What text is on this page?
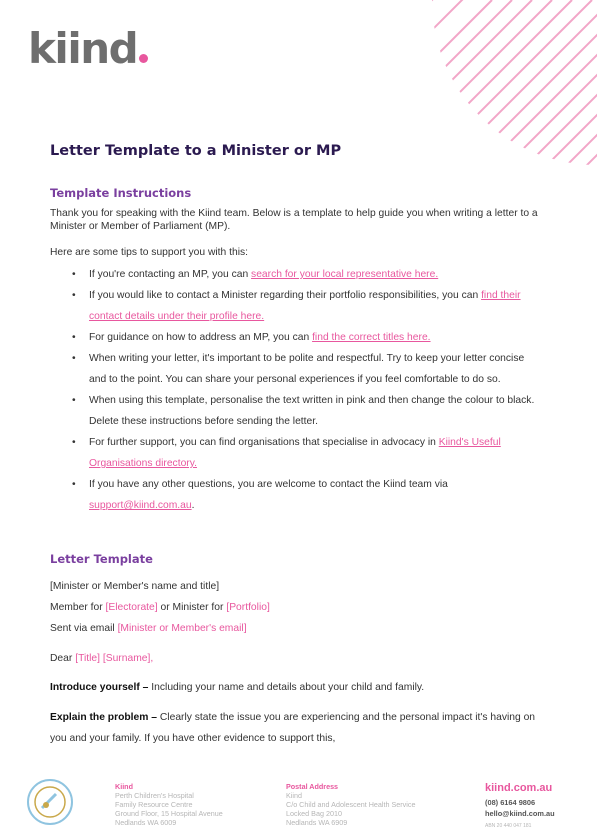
kiind
Letter Template to a Minister or MP
Template Instructions
Thank you for speaking with the Kiind team. Below is a template to help guide you when writing a letter to a Minister or Member of Parliament (MP).
Here are some tips to support you with this:
• If you're contacting an MP, you can search for your local representative here.
• If you would like to contact a Minister regarding their portfolio responsibilities, you can find their contact details under their profile here.
• For guidance on how to address an MP, you can find the correct titles here.
• When writing your letter, it's important to be polite and respectful. Try to keep your letter concise and to the point. You can share your personal experiences if you feel comfortable to do so.
• When using this template, personalise the text written in pink and then change the colour to black. Delete these instructions before sending the letter.
• For further support, you can find organisations that specialise in advocacy in Kiind's Useful Organisations directory.
• If you have any other questions, you are welcome to contact the Kiind team via support@kiind.com.au.
Letter Template
[Minister or Member's name and title]
Member for [Electorate] or Minister for [Portfolio]
Sent via email [Minister or Member's email]
Dear [Title] [Surname],
Introduce yourself – Including your name and details about your child and family.
Explain the problem – Clearly state the issue you are experiencing and the personal impact it's having on you and your family. If you have other evidence to support this,
Kiind
Perth Children's Hospital
Family Resource Centre
Ground Floor, 15 Hospital Avenue
Nedlands WA 6009
Postal Address
Kiind
C/o Child and Adolescent Health Service
Locked Bag 2010
Nedlands WA 6909
kiind.com.au
(08) 6164 9806
hello@kiind.com.au
ABN 20 440 047 181
